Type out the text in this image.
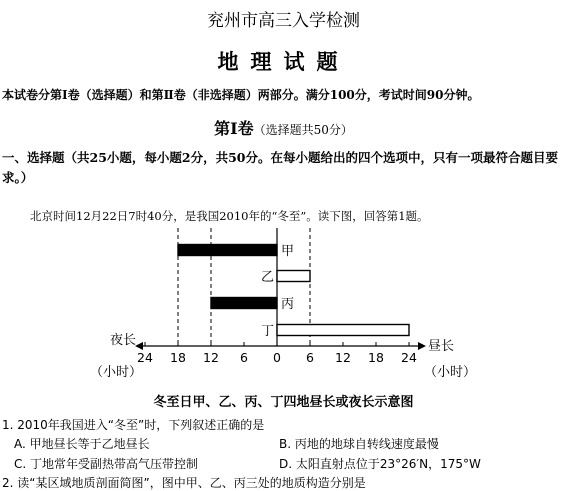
兖州市高三入学检测
地理试题
本试卷分第Ⅰ卷（选择题）和第Ⅱ卷（非选择题）两部分。满分100分，考试时间90分钟。
第Ⅰ卷（选择题共50分）
一、选择题（共25小题，每小题2分，共50分。在每小题给出的四个选项中，只有一项最符合题目要求。）
北京时间12月22日7时40分，是我国2010年的“冬至”。读下图，回答第1题。
甲
乙
丙
丁
24 18 12 6 0 6 12 18 24
夜长
（小时）
昼长
（小时）
冬至日甲、乙、丙、丁四地昼长或夜长示意图
1. 2010年我国进入“冬至”时，下列叙述正确的是
A. 甲地昼长等于乙地昼长	B. 丙地的地球自转线速度最慢
C. 丁地常年受副热带高气压带控制	D. 太阳直射点位于23°26′N，175°W
2. 读“某区域地质剖面简图”，图中甲、乙、丙三处的地质构造分别是
